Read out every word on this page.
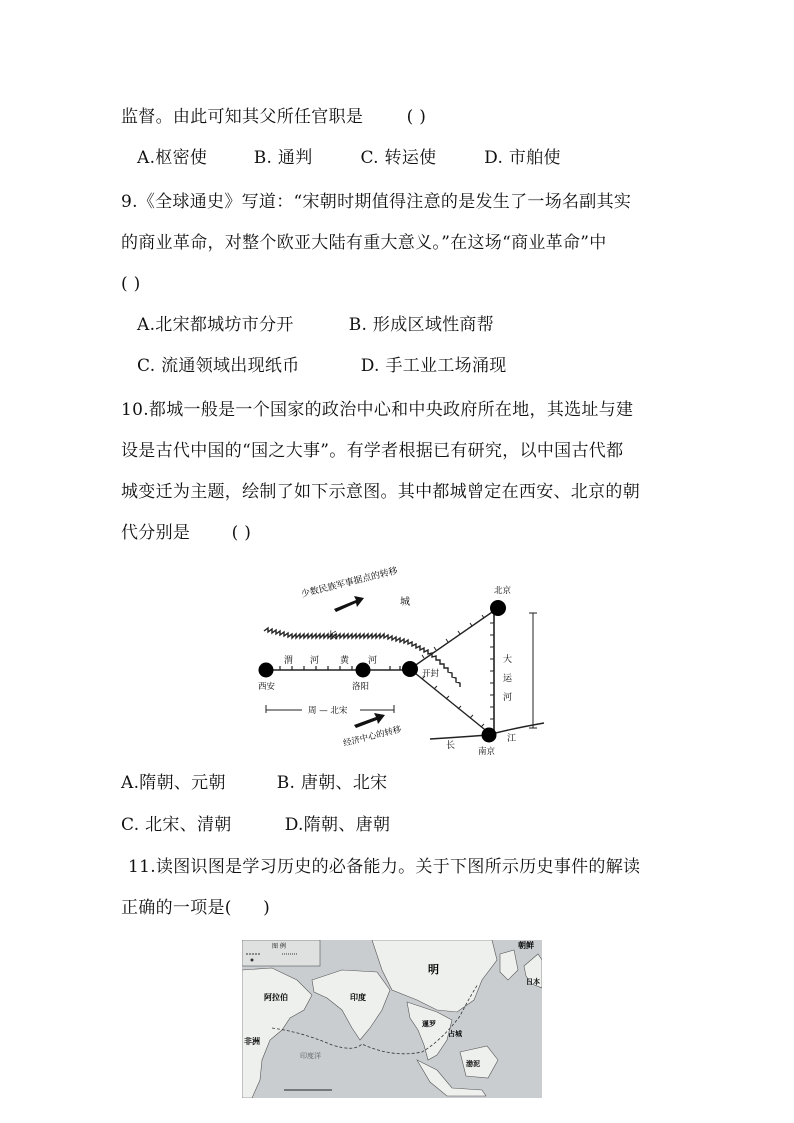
监督。由此可知其父所任官职是	( )
A.枢密使	B. 通判	C. 转运使	D. 市舶使
9.《全球通史》写道：“宋朝时期值得注意的是发生了一场名副其实
的商业革命，对整个欧亚大陆有重大意义。”在这场“商业革命”中
( )
A.北宋都城坊市分开	B. 形成区域性商帮
C. 流通领域出现纸币	D. 手工业工场涌现
10.都城一般是一个国家的政治中心和中央政府所在地，其选址与建
设是古代中国的“国之大事”。有学者根据已有研究，以中国古代都
城变迁为主题，绘制了如下示意图。其中都城曾定在西安、北京的朝
代分别是 ( )
少数民族军事据点的转移
长
城
渭 河 黄 河	大
运
河
长
江
西安	洛阳
开封
北京
南京
周 — 北宋
经济中心的转移
A.隋朝、元朝	B. 唐朝、北宋
C. 北宋、清朝	D.隋朝、唐朝
11.读图识图是学习历史的必备能力。关于下图所示历史事件的解读
正确的一项是( )
图 例	朝鲜
明
日本
阿拉伯	印度
暹罗
占城
非洲
印度洋
渤泥
